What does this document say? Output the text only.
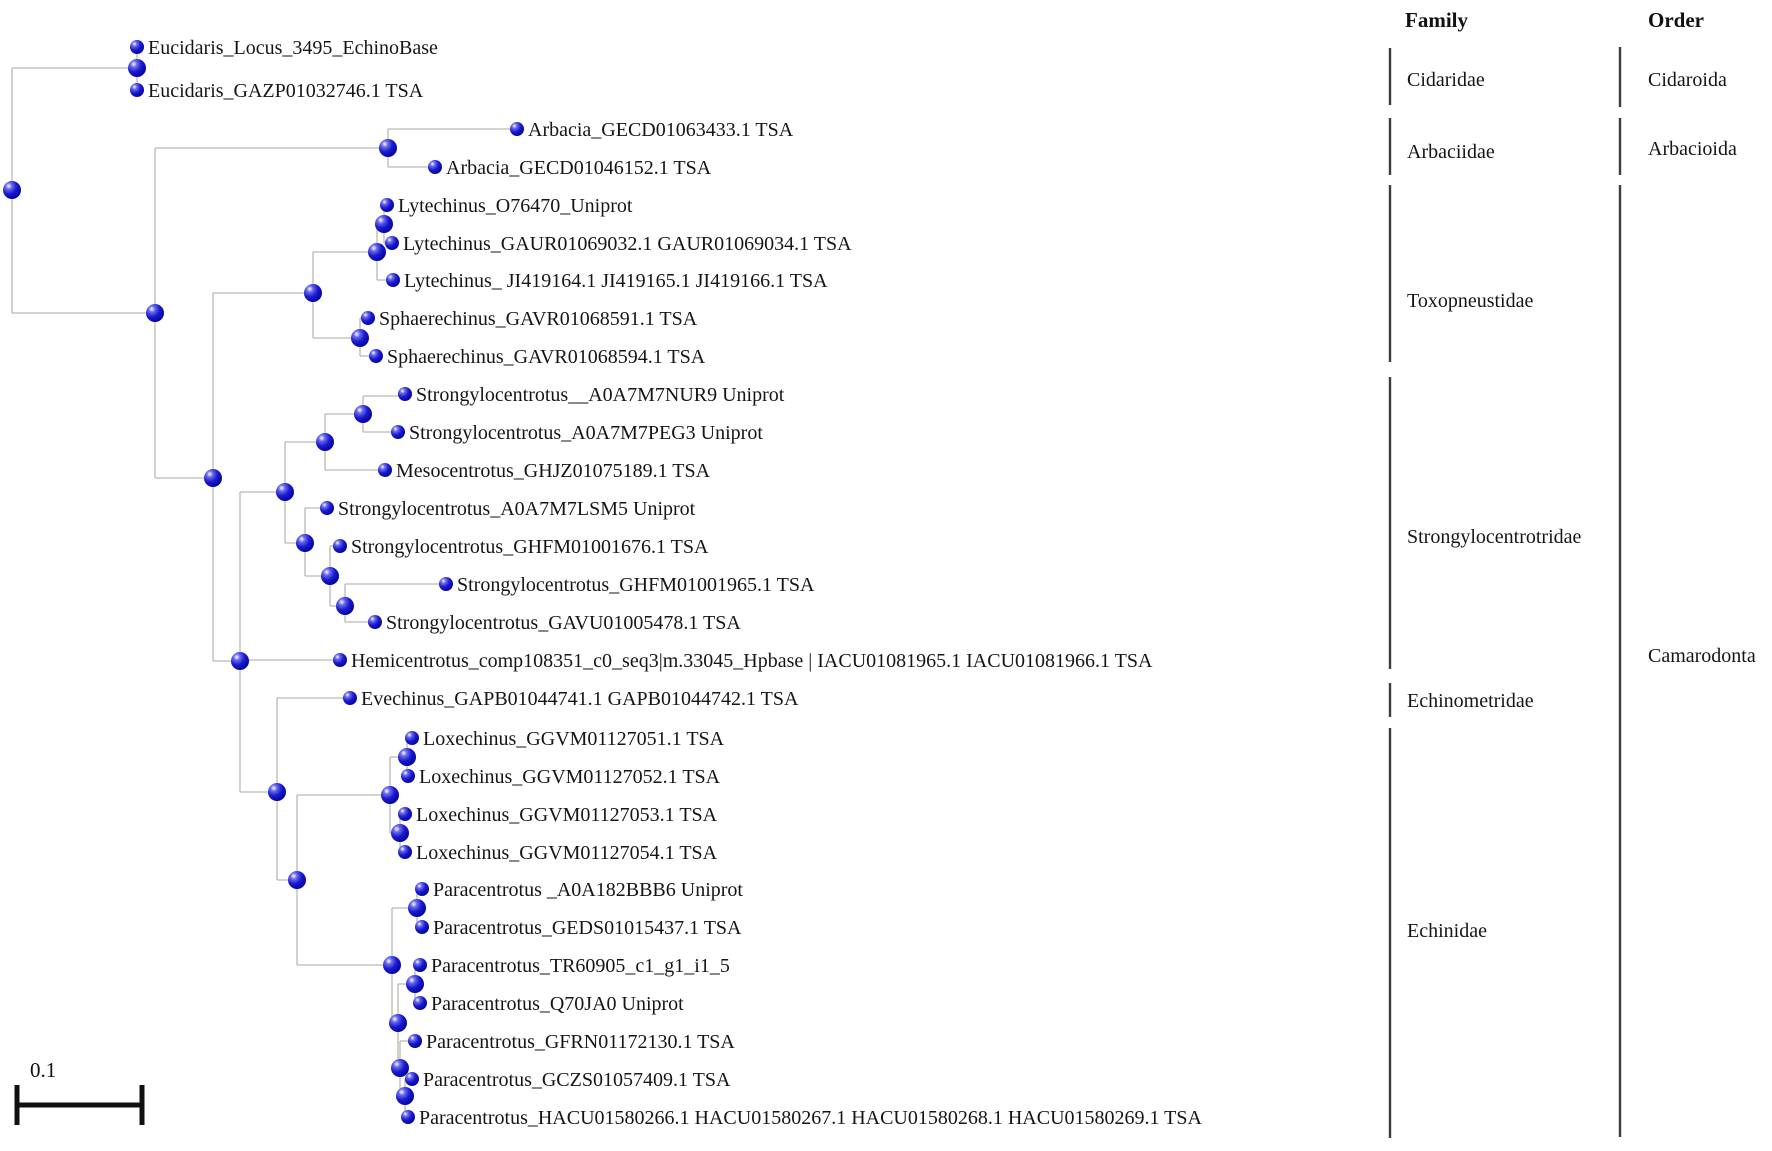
Family	Order
Eucidaris_Locus_3495_EchinoBase
Eucidaris_GAZP01032746.1 TSA
Arbacia_GECD01063433.1 TSA
Arbacia_GECD01046152.1 TSA
Lytechinus_O76470_Uniprot
Lytechinus_GAUR01069032.1 GAUR01069034.1 TSA
Lytechinus_ JI419164.1 JI419165.1 JI419166.1 TSA
Sphaerechinus_GAVR01068591.1 TSA
Sphaerechinus_GAVR01068594.1 TSA
Strongylocentrotus__A0A7M7NUR9 Uniprot
Strongylocentrotus_A0A7M7PEG3 Uniprot
Mesocentrotus_GHJZ01075189.1 TSA
Strongylocentrotus_A0A7M7LSM5 Uniprot
Strongylocentrotus_GHFM01001676.1 TSA
Strongylocentrotus_GHFM01001965.1 TSA
Strongylocentrotus_GAVU01005478.1 TSA
Hemicentrotus_comp108351_c0_seq3|m.33045_Hpbase | IACU01081965.1 IACU01081966.1 TSA
Evechinus_GAPB01044741.1 GAPB01044742.1 TSA
Loxechinus_GGVM01127051.1 TSA
Loxechinus_GGVM01127052.1 TSA
Loxechinus_GGVM01127053.1 TSA
Loxechinus_GGVM01127054.1 TSA
Paracentrotus _A0A182BBB6 Uniprot
Paracentrotus_GEDS01015437.1 TSA
Paracentrotus_TR60905_c1_g1_i1_5
Paracentrotus_Q70JA0 Uniprot
Paracentrotus_GFRN01172130.1 TSA
Paracentrotus_GCZS01057409.1 TSA
Paracentrotus_HACU01580266.1 HACU01580267.1 HACU01580268.1 HACU01580269.1 TSA
Cidaridae
Arbaciidae
Toxopneustidae
Strongylocentrotridae
Echinometridae
Echinidae
Cidaroida
Arbacioida
Camarodonta
0.1
